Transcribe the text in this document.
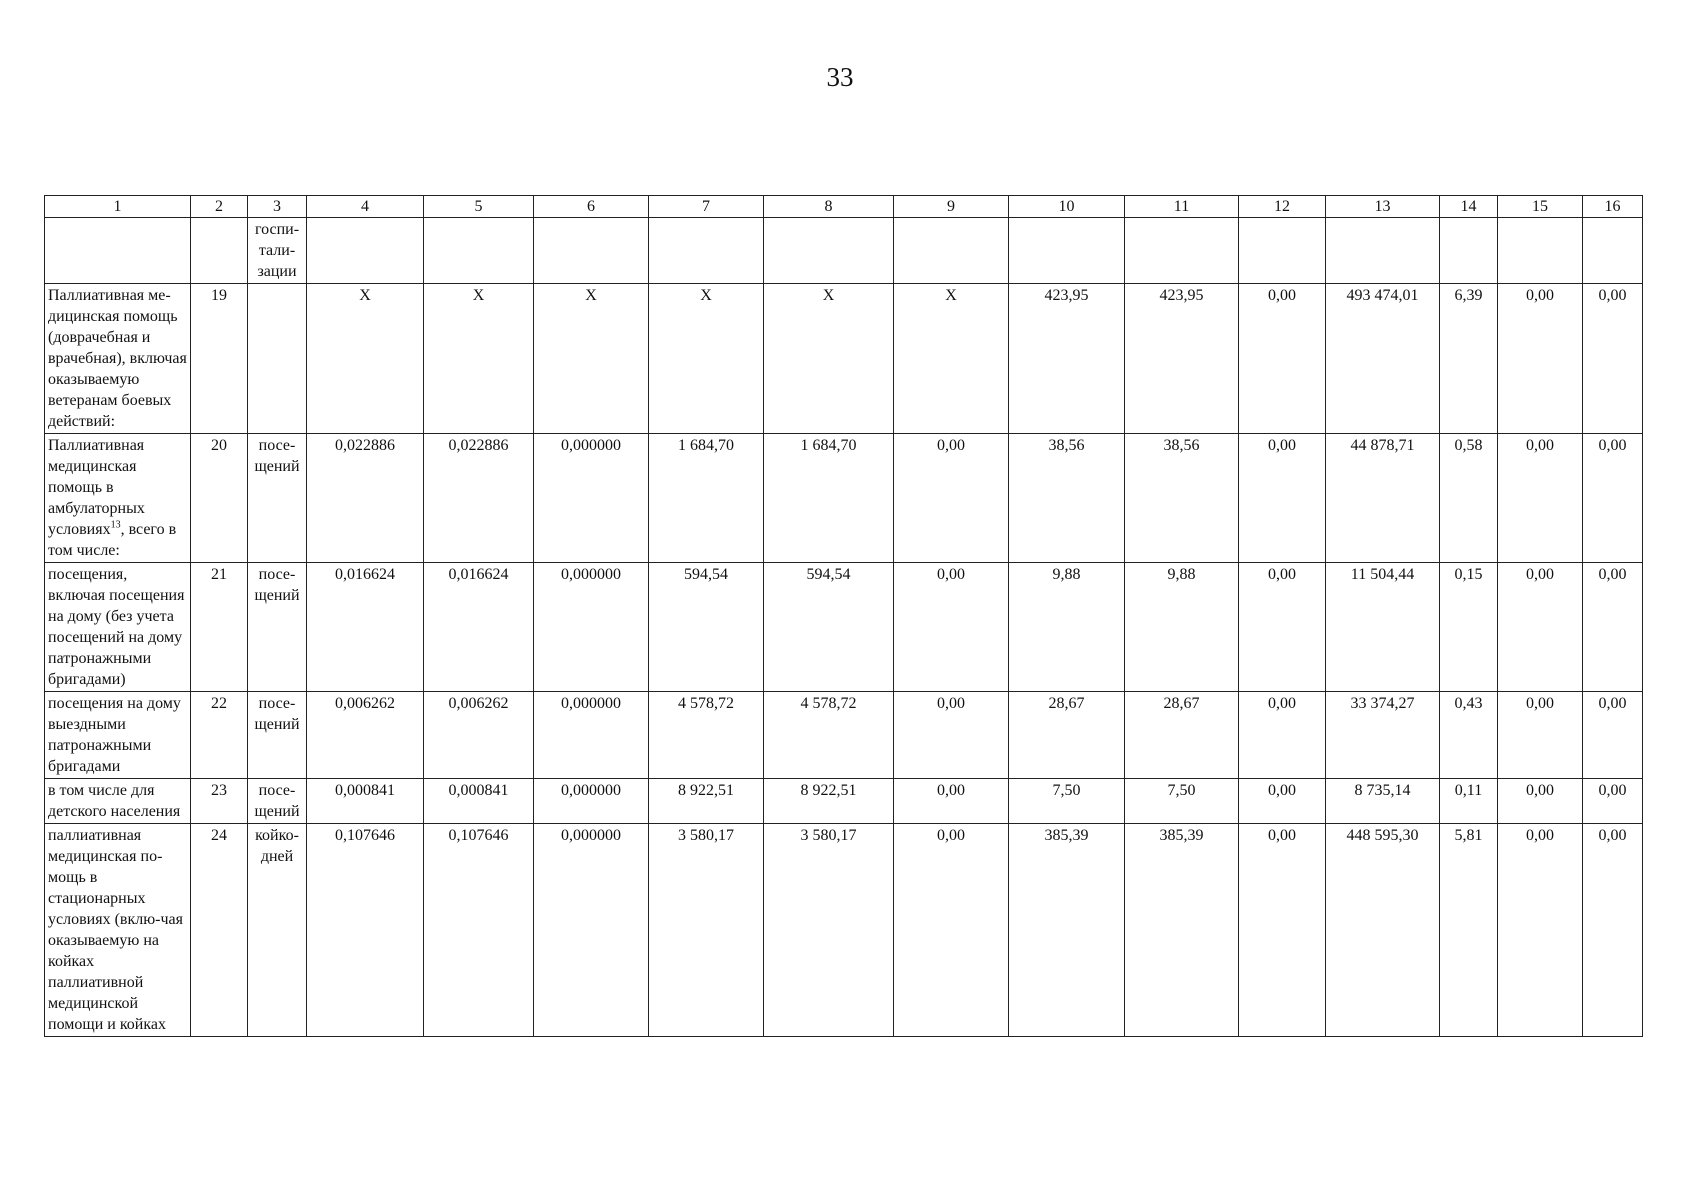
33
1	2	3	4	5	6	7	8	9	10	11	12	13	14	15	16
		госпи-тали-зации													
Паллиативная ме-дицинская помощь (доврачебная и врачебная), включая оказываемую ветеранам боевых действий:	19		X	X	X	X	X	X	423,95	423,95	0,00	493 474,01	6,39	0,00	0,00
Паллиативная медицинская помощь в амбулаторных условиях$^{13}$, всего в том числе:	20	посе-щений	0,022886	0,022886	0,000000	1 684,70	1 684,70	0,00	38,56	38,56	0,00	44 878,71	0,58	0,00	0,00
посещения, включая посещения на дому (без учета посещений на дому патронажными бригадами)	21	посе-щений	0,016624	0,016624	0,000000	594,54	594,54	0,00	9,88	9,88	0,00	11 504,44	0,15	0,00	0,00
посещения на дому выездными патронажными бригадами	22	посе-щений	0,006262	0,006262	0,000000	4 578,72	4 578,72	0,00	28,67	28,67	0,00	33 374,27	0,43	0,00	0,00
в том числе для детского населения	23	посе-щений	0,000841	0,000841	0,000000	8 922,51	8 922,51	0,00	7,50	7,50	0,00	8 735,14	0,11	0,00	0,00
паллиативная медицинская по-мощь в стационарных условиях (вклю-чая оказываемую на койках паллиативной медицинской помощи и койках	24	койко-дней	0,107646	0,107646	0,000000	3 580,17	3 580,17	0,00	385,39	385,39	0,00	448 595,30	5,81	0,00	0,00
